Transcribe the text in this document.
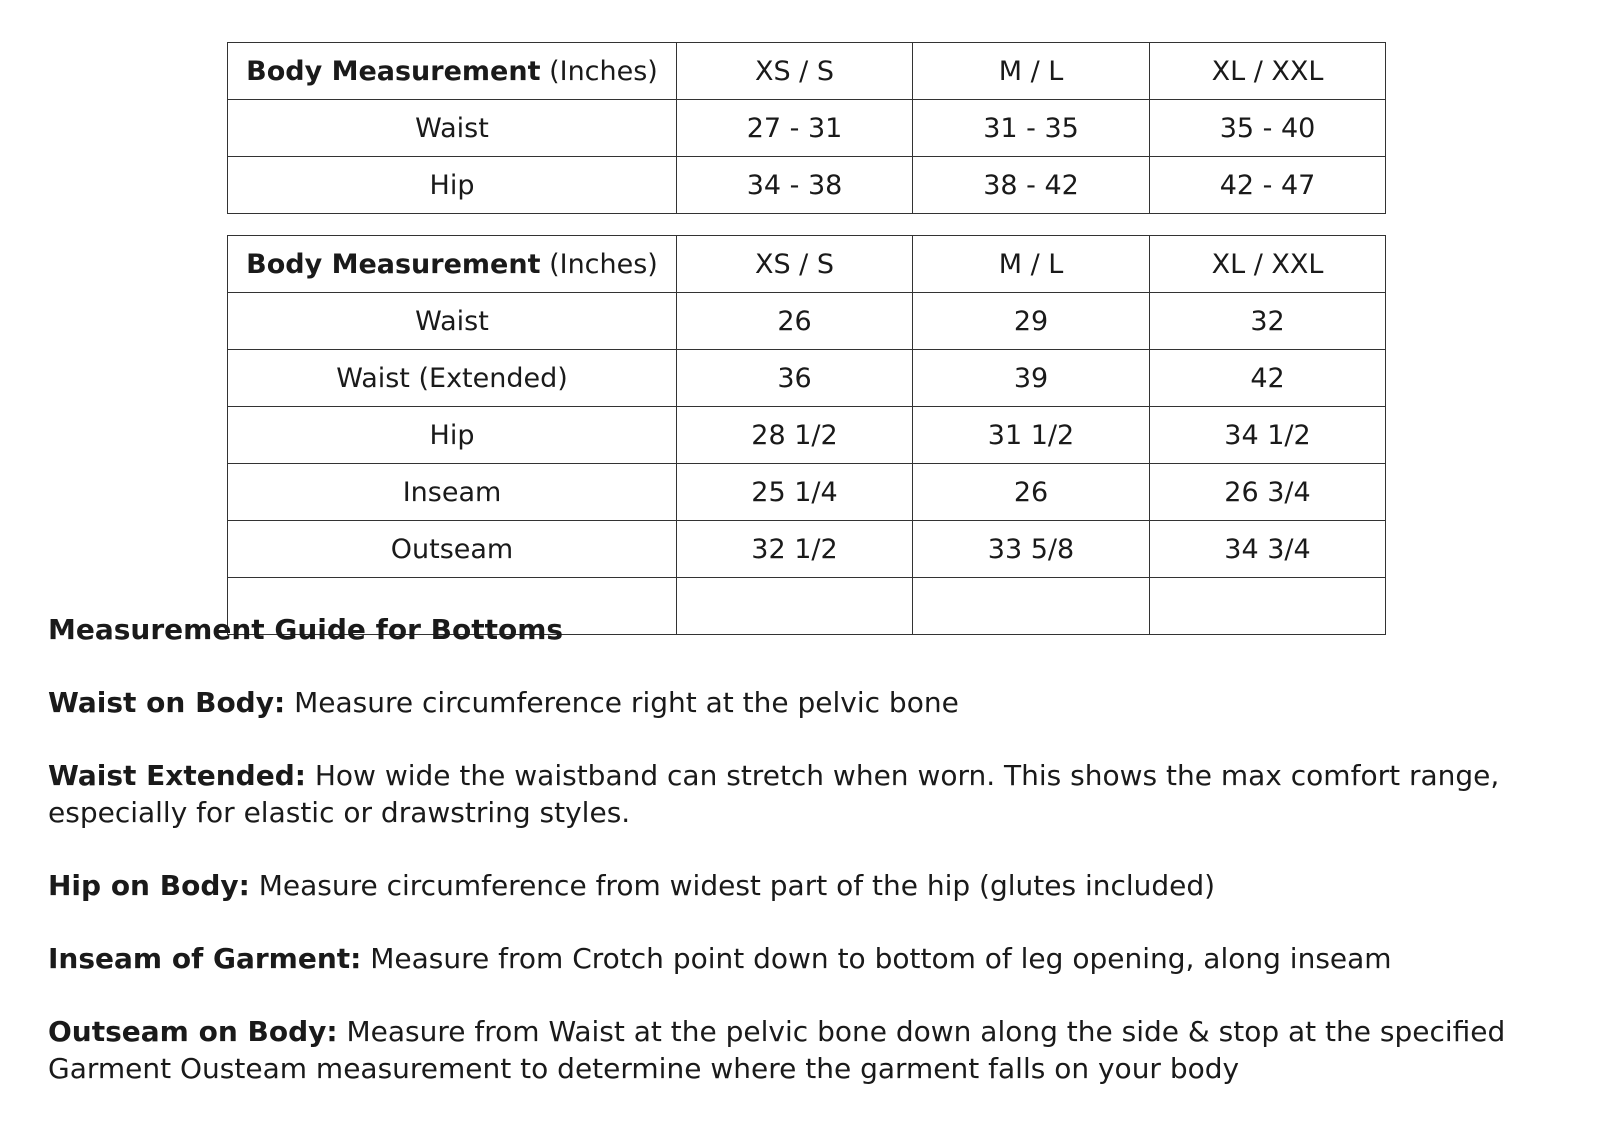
Body Measurement (Inches)	XS / S	M / L	XL / XXL
Waist	27 - 31	31 - 35	35 - 40
Hip	34 - 38	38 - 42	42 - 47
Body Measurement (Inches)	XS / S	M / L	XL / XXL
Waist	26	29	32
Waist (Extended)	36	39	42
Hip	28 1/2	31 1/2	34 1/2
Inseam	25 1/4	26	26 3/4
Outseam	32 1/2	33 5/8	34 3/4

Measurement Guide for Bottoms
Waist on Body: Measure circumference right at the pelvic bone
Waist Extended: How wide the waistband can stretch when worn. This shows the max comfort range, especially for elastic or drawstring styles.
Hip on Body: Measure circumference from widest part of the hip (glutes included)
Inseam of Garment: Measure from Crotch point down to bottom of leg opening, along inseam
Outseam on Body: Measure from Waist at the pelvic bone down along the side & stop at the specified Garment Ousteam measurement to determine where the garment falls on your body
